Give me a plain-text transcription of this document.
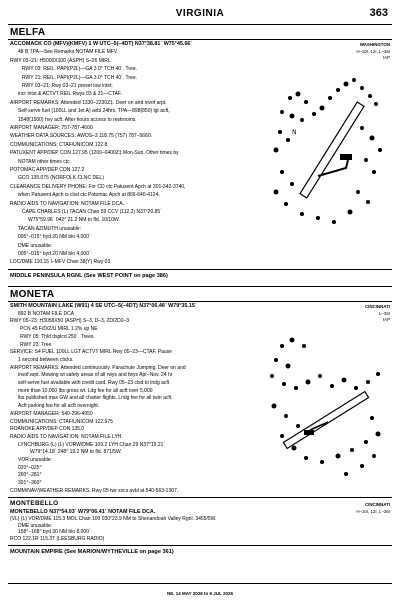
VIRGINIA	363
MELFA
WASHINGTON
H–10I, 12I, L–36I
IAP
ACCOMACK CO (MFV)(KMFV) 1 W UTC–5(–4DT) N37°38.81´ W75°45.66´
48 B TPA—See Remarks NOTAM FILE MFV
RWY 03–21: H5000X100 (ASPH) S–26 MIRL
RWY 03: REIL. PAPI(P2L)—GA 3.0° TCH 40´. Tree.
RWY 21: REIL. PAPI(P2L)—GA 3.0° TCH 40´. Tree.
RWY 03–21: Rwy 03–21 preset low intst;
incr intst & ACTVT REIL Rwys 03 & 21—CTAF.
AIRPORT REMARKS: Attended 1330–2230Z‡. Deer on and invof arpt.
Self-serve fuel (100LL and Jet A) avbl 24hrs. TPA—898(850) lgt acft,
1548(1500) hvy acft. After hours access to restrooms.
AIRPORT MANAGER: 757-787-4600
WEATHER DATA SOURCES: AWOS–3 118.75 (757) 787–5660.
COMMUNICATIONS: CTAF/UNICOM 122.8
PATUXENT APP/DEP CON 127.95 (1200–0400Z‡ Mon-Sun. Other times by
NOTAM other times ctc
POTOMAC APP/DEP CON 127.2
GCO 135.075 (NORFOLK CLNC DEL)
CLEARANCE DELIVERY PHONE: For CD ctc Patuxent Apch at 301-342-3740,
when Patuxent Apch is clsd ctc Potomac Apch at 866-640-4124.
RADIO AIDS TO NAVIGATION: NOTAM FILE DCA.
CAPE CHARLES (L) TACAN Chan 59 CCV (112.2) N37°20.85´
W75°59.96´ 042° 21.2 NM to fld. 10/10W.
TACAN AZIMUTH unusable:
005°–015° byd 20 NM blo 4,000´
DME unusable:
005°–015° byd 20 NM blo 4,000´
LOC/DME 110.15 I–MFV Chan 38(Y) Rwy 03.
N
MIDDLE PENINSULA RGNL (See WEST POINT on page 386)
MONETA
CINCINNATI
L–36I
IAP
SMITH MOUNTAIN LAKE (W91) 4 SE UTC–5(–4DT) N37°06.46´ W79°35.15´
892 B NOTAM FILE DCA
RWY 05–23: H3058X50 (ASPH) S–3, D–3, 2D/2D2–3
PCN 45 F/D/Z/U MIRL 1.2% up NE
RWY 05: Thld dsplcd 250´. Trees.
RWY 23: Tree.
SERVICE: S4 FUEL 100LL LGT ACTVT MIRL Rwy 05–23—CTAF. Pause
1 second between clicks.
AIRPORT REMARKS: Attended continuously. Parachute Jumping. Deer on and
invof arpt. Mowing wi safety areas of all rwys and twys Apr–Nov. 24 hr
self-serve fuel available with credit card. Rwy 05–23 clsd to lndg acft
more than 10,000 lbs gross wt. Ldg fee for all acft over 5,000
lbs published max GW and all charter flights. Lndg fee for all twin acft.
Acft parking fee for all acft overnight.
AIRPORT MANAGER: 540-296-4950
COMMUNICATIONS: CTAF/UNICOM 122.975
ROANOKE APP/DEP CON 135.0
RADIO AIDS TO NAVIGATION: NOTAM FILE LYH.
LYNCHBURG (L) (L) VORW/DME 109.2 LYH Chan 29 N37°15.21´
W79°14.18´ 248° 19.2 NM to fld. 871/5W.
VOR unusable:
020°–025°
260°–281°
301°–360°
COMM/NAV/WEATHER REMARKS: Rwy 05 twr svcs avbl at 540-563-1307.
MONTEBELLO	CINCINNATI
H–10I, 12I, L–36I
MONTEBELLO N37°54.03´ W79°06.41´ NOTAM FILE DCA.
(VL) (L) VOR/DME 115.3 MOL Chan 100 030°23.9 NM to Shenandoah Valley Rgnl. 3455/5W.
DME unusable:
158°–168° byd 30 NM blo 8,000´
RCO 122.1R 115.3T (LEESBURG RADIO)
MOUNTAIN EMPIRE (See MARION/WYTHEVILLE on page 361)
NE, 14 MAY 2026 to 9 JUL 2026
